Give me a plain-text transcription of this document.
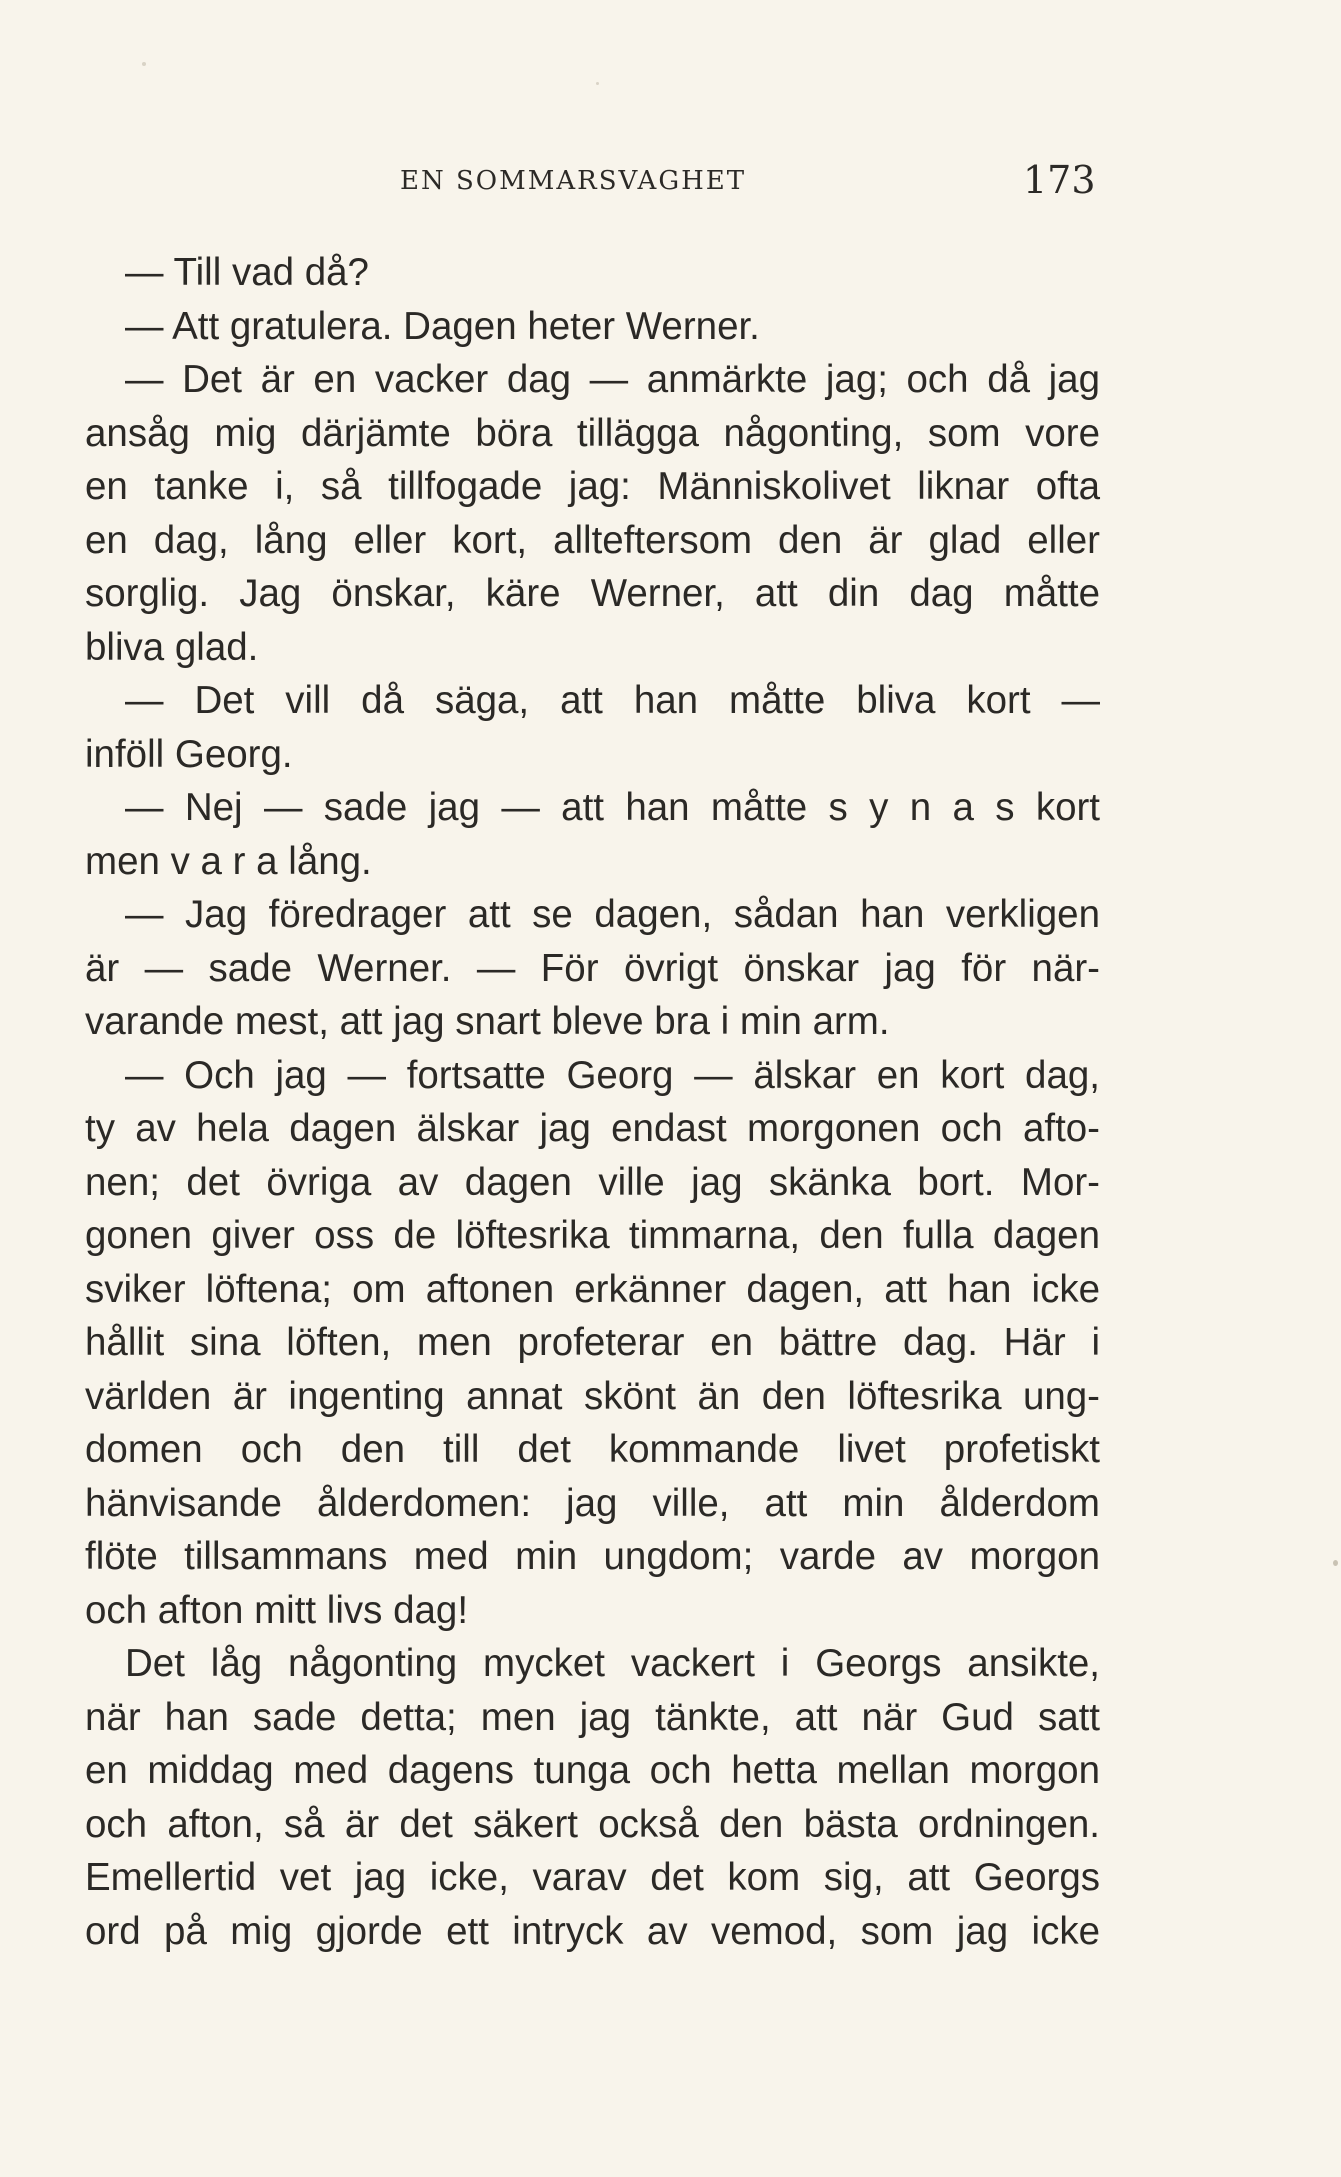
EN SOMMARSVAGHET	173
— Till vad då?
— Att gratulera. Dagen heter Werner.
— Det är en vacker dag — anmärkte jag; och då jag
ansåg mig därjämte böra tillägga någonting, som vore
en tanke i, så tillfogade jag: Människolivet liknar ofta
en dag, lång eller kort, allteftersom den är glad eller
sorglig. Jag önskar, käre Werner, att din dag måtte
bliva glad.
— Det vill då säga, att han måtte bliva kort —
inföll Georg.
— Nej — sade jag — att han måtte s y n a s kort
men v a r a lång.
— Jag föredrager att se dagen, sådan han verkligen
är — sade Werner. — För övrigt önskar jag för när-
varande mest, att jag snart bleve bra i min arm.
— Och jag — fortsatte Georg — älskar en kort dag,
ty av hela dagen älskar jag endast morgonen och afto-
nen; det övriga av dagen ville jag skänka bort. Mor-
gonen giver oss de löftesrika timmarna, den fulla dagen
sviker löftena; om aftonen erkänner dagen, att han icke
hållit sina löften, men profeterar en bättre dag. Här i
världen är ingenting annat skönt än den löftesrika ung-
domen och den till det kommande livet profetiskt
hänvisande ålderdomen: jag ville, att min ålderdom
flöte tillsammans med min ungdom; varde av morgon
och afton mitt livs dag!
Det låg någonting mycket vackert i Georgs ansikte,
när han sade detta; men jag tänkte, att när Gud satt
en middag med dagens tunga och hetta mellan morgon
och afton, så är det säkert också den bästa ordningen.
Emellertid vet jag icke, varav det kom sig, att Georgs
ord på mig gjorde ett intryck av vemod, som jag icke
